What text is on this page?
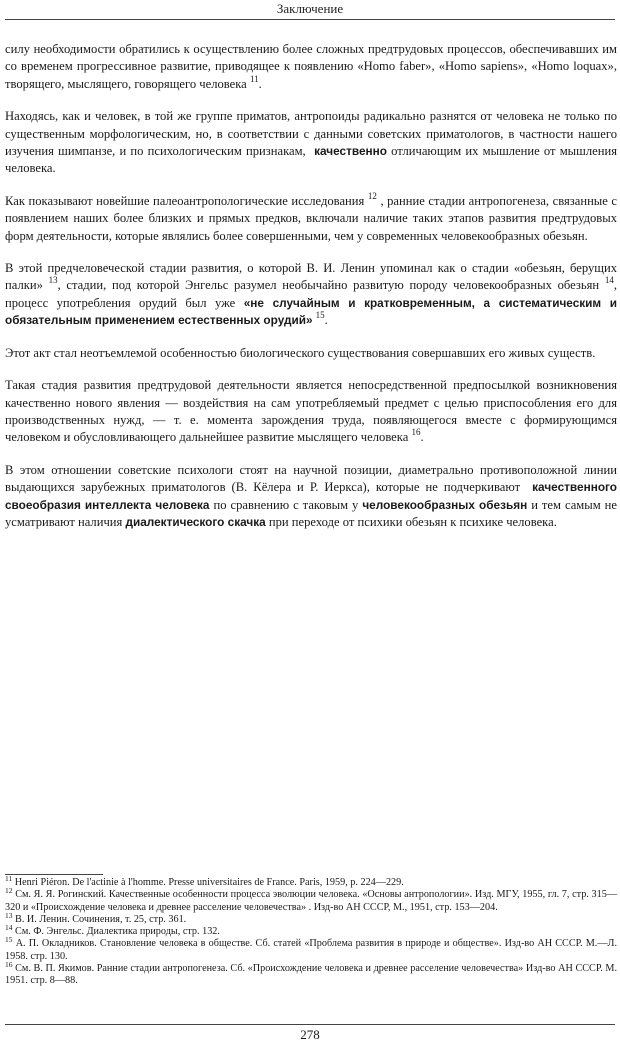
Заключение

силу необходимости обратились к осуществлению более сложных предтрудовых процессов, обеспечивавших им со временем прогрессивное развитие, приводящее к появлению «Homo faber», «Homo sapiens», «Homo loquax», творящего, мыслящего, говорящего человека $^{11}$.

Находясь, как и человек, в той же группе приматов, антропоиды радикально разнятся от человека не только по существенным морфологическим, но, в соответствии с данными советских приматологов, в частности нашего изучения шимпанзе, и по психологическим признакам, качественно отличающим их мышление от мышления человека.

Как показывают новейшие палеоантропологические исследования $^{12}$ , ранние стадии антропогенеза, связанные с появлением наших более близких и прямых предков, включали наличие таких этапов развития предтрудовых форм деятельности, которые являлись более совершенными, чем у современных человекообразных обезьян.

В этой предчеловеческой стадии развития, о которой В. И. Ленин упоминал как о стадии «обезьян, берущих палки» $^{13}$, стадии, под которой Энгельс разумел необычайно развитую породу человекообразных обезьян $^{14}$, процесс употребления орудий был уже «не случайным и кратковременным, а систематическим и обязательным применением естественных орудий» $^{15}$.

Этот акт стал неотъемлемой особенностью биологического существования совершавших его живых существ.

Такая стадия развития предтрудовой деятельности является непосредственной предпосылкой возникновения качественно нового явления — воздействия на сам употребляемый предмет с целью приспособления его для производственных нужд, — т. е. момента зарождения труда, появляющегося вместе с формирующимся человеком и обусловливающего дальнейшее развитие мыслящего человека $^{16}$.

В этом отношении советские психологи стоят на научной позиции, диаметрально противоположной линии выдающихся зарубежных приматологов (В. Кёлера и Р. Иеркса), которые не подчеркивают качественного своеобразия интеллекта человека по сравнению с таковым у человекообразных обезьян и тем самым не усматривают наличия диалектического скачка при переходе от психики обезьян к психике человека.

$^{11}$ Henri Piéron. De l'actinie à l'homme. Presse universitaires de France. Paris, 1959, p. 224—229.
$^{12}$ См. Я. Я. Рогинский. Качественные особенности процесса эволюции человека. «Основы антропологии». Изд. МГУ, 1955, гл. 7, стр. 315—320 и «Происхождение человека и древнее расселение человечества» . Изд-во АН СССР, М., 1951, стр. 153—204.
$^{13}$ В. И. Ленин. Сочинения, т. 25, стр. 361.
$^{14}$ См. Ф. Энгельс. Диалектика природы, стр. 132.
$^{15}$ А. П. Окладников. Становление человека в обществе. Сб. статей «Проблема развития в природе и обществе». Изд-во АН СССР. М.—Л. 1958. стр. 130.
$^{16}$ См. В. П. Якимов. Ранние стадии антропогенеза. Сб. «Происхождение человека и древнее расселение человечества» Изд-во АН СССР. М. 1951. стр. 8—88.
278
